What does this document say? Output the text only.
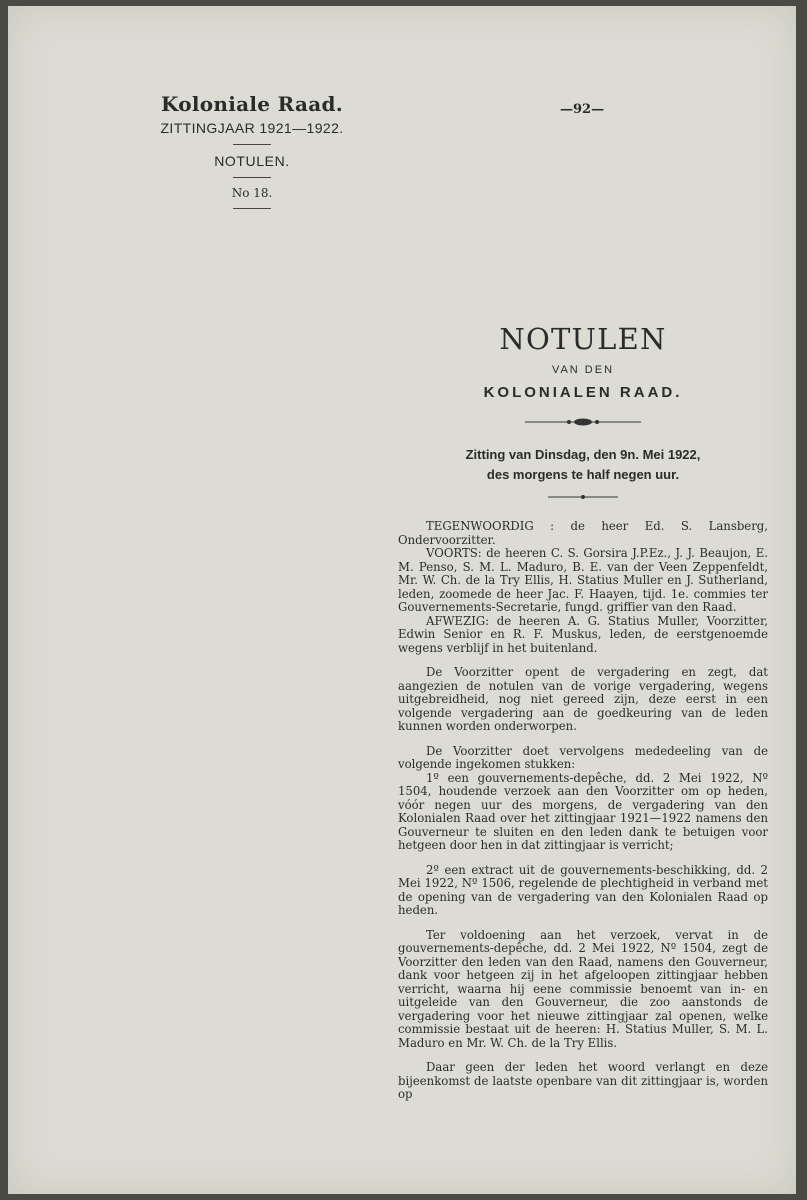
Koloniale Raad.
ZITTINGJAAR 1921—1922.
NOTULEN.
No 18.
—92—
NOTULEN
VAN DEN
KOLONIALEN RAAD.
Zitting van Dinsdag, den 9n. Mei 1922,
des morgens te half negen uur.

TEGENWOORDIG : de heer Ed. S. Lansberg, Ondervoorzitter.

VOORTS: de heeren C. S. Gorsira J.P.Ez., J. J. Beaujon, E. M. Penso, S. M. L. Maduro, B. E. van der Veen Zeppenfeldt, Mr. W. Ch. de la Try Ellis, H. Statius Muller en J. Sutherland, leden, zoomede de heer Jac. F. Haayen, tijd. 1e. commies ter Gouvernements-Secretarie, fungd. griffier van den Raad.

AFWEZIG: de heeren A. G. Statius Muller, Voorzitter, Edwin Senior en R. F. Muskus, leden, de eerstgenoemde wegens verblijf in het buitenland.

De Voorzitter opent de vergadering en zegt, dat aangezien de notulen van de vorige vergadering, wegens uitgebreidheid, nog niet gereed zijn, deze eerst in een volgende vergadering aan de goedkeuring van de leden kunnen worden onderworpen.

De Voorzitter doet vervolgens mededeeling van de volgende ingekomen stukken:

1º een gouvernements-depêche, dd. 2 Mei 1922, Nº 1504, houdende verzoek aan den Voorzitter om op heden, vóór negen uur des morgens, de vergadering van den Kolonialen Raad over het zittingjaar 1921—1922 namens den Gouverneur te sluiten en den leden dank te betuigen voor hetgeen door hen in dat zittingjaar is verricht;

2º een extract uit de gouvernements-beschikking, dd. 2 Mei 1922, Nº 1506, regelende de plechtigheid in verband met de opening van de vergadering van den Kolonialen Raad op heden.

Ter voldoening aan het verzoek, vervat in de gouvernements-depêche, dd. 2 Mei 1922, Nº 1504, zegt de Voorzitter den leden van den Raad, namens den Gouverneur, dank voor hetgeen zij in het afgeloopen zittingjaar hebben verricht, waarna hij eene commissie benoemt van in- en uitgeleide van den Gouverneur, die zoo aanstonds de vergadering voor het nieuwe zittingjaar zal openen, welke commissie bestaat uit de heeren: H. Statius Muller, S. M. L. Maduro en Mr. W. Ch. de la Try Ellis.

Daar geen der leden het woord verlangt en deze bijeenkomst de laatste openbare van dit zittingjaar is, worden op
